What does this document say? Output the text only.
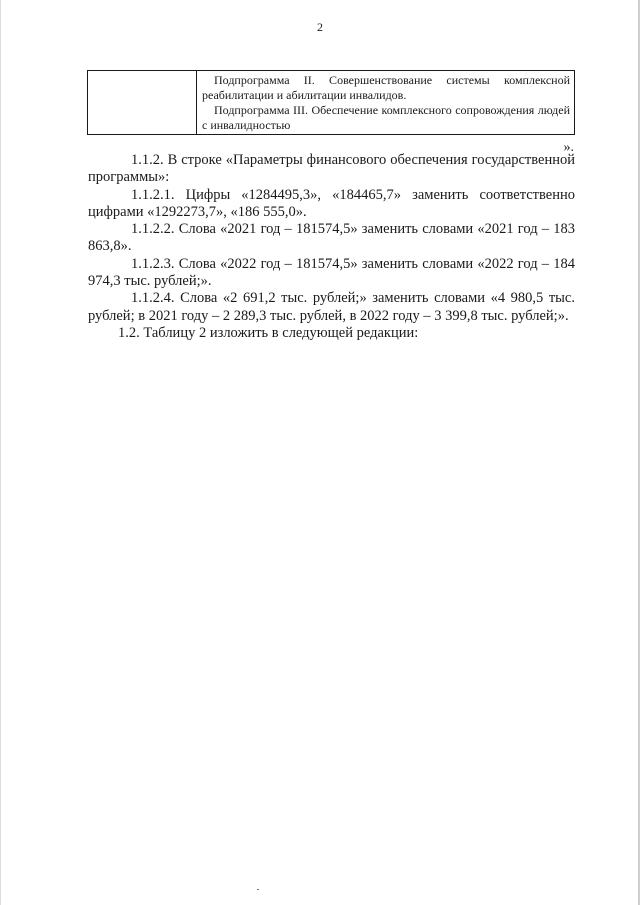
2

Подпрограмма II. Совершенствование системы комплексной реабилитации и абилитации инвалидов.

Подпрограмма III. Обеспечение комплексного сопровождения людей с инвалидностью

».

1.1.2. В строке «Параметры финансового обеспечения государственной программы»:

1.1.2.1. Цифры «1284495,3», «184465,7» заменить соответственно цифрами «1292273,7», «186 555,0».

1.1.2.2. Слова «2021 год – 181574,5» заменить словами «2021 год – 183 863,8».

1.1.2.3. Слова «2022 год – 181574,5» заменить словами «2022 год – 184 974,3 тыс. рублей;».

1.1.2.4. Слова «2 691,2 тыс. рублей;» заменить словами «4 980,5 тыс. рублей; в 2021 году – 2 289,3 тыс. рублей, в 2022 году – 3 399,8 тыс. рублей;».

1.2. Таблицу 2 изложить в следующей редакции:
